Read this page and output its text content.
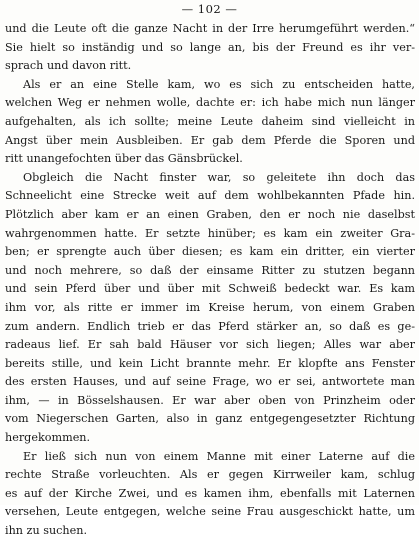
— 102 —
und die Leute oft die ganze Nacht in der Irre herumgeführt werden.“
Sie hielt so inständig und so lange an, bis der Freund es ihr ver-
sprach und davon ritt.
Als er an eine Stelle kam, wo es sich zu entscheiden hatte,
welchen Weg er nehmen wolle, dachte er: ich habe mich nun länger
aufgehalten, als ich sollte; meine Leute daheim sind vielleicht in
Angst über mein Ausbleiben. Er gab dem Pferde die Sporen und
ritt unangefochten über das Gänsbrückel.
Obgleich die Nacht finster war, so geleitete ihn doch das
Schneelicht eine Strecke weit auf dem wohlbekannten Pfade hin.
Plötzlich aber kam er an einen Graben, den er noch nie daselbst
wahrgenommen hatte. Er setzte hinüber; es kam ein zweiter Gra-
ben; er sprengte auch über diesen; es kam ein dritter, ein vierter
und noch mehrere, so daß der einsame Ritter zu stutzen begann
und sein Pferd über und über mit Schweiß bedeckt war. Es kam
ihm vor, als ritte er immer im Kreise herum, von einem Graben
zum andern. Endlich trieb er das Pferd stärker an, so daß es ge-
radeaus lief. Er sah bald Häuser vor sich liegen; Alles war aber
bereits stille, und kein Licht brannte mehr. Er klopfte ans Fenster
des ersten Hauses, und auf seine Frage, wo er sei, antwortete man
ihm, — in Bösselshausen. Er war aber oben von Prinzheim oder
vom Niegerschen Garten, also in ganz entgegengesetzter Richtung
hergekommen.
Er ließ sich nun von einem Manne mit einer Laterne auf die
rechte Straße vorleuchten. Als er gegen Kirrweiler kam, schlug
es auf der Kirche Zwei, und es kamen ihm, ebenfalls mit Laternen
versehen, Leute entgegen, welche seine Frau ausgeschickt hatte, um
ihn zu suchen.
